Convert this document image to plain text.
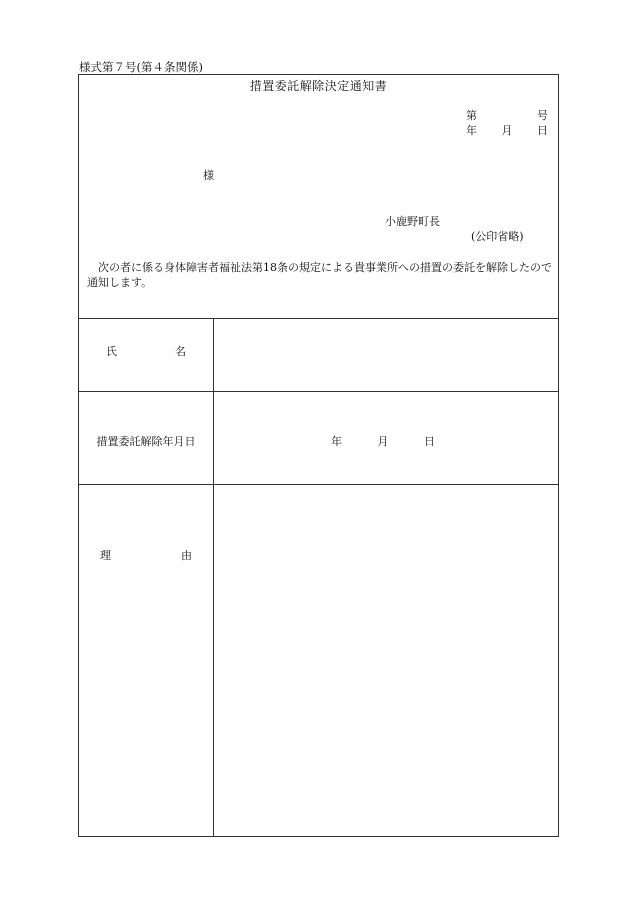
様式第７号(第４条関係)
措置委託解除決定通知書
第	号
年 月 日
様
小鹿野町長
(公印省略)
次の者に係る身体障害者福祉法第18条の規定による貴事業所への措置の委託を解除したので通知します。
氏	名
措置委託解除年月日	年	月	日
理	由
